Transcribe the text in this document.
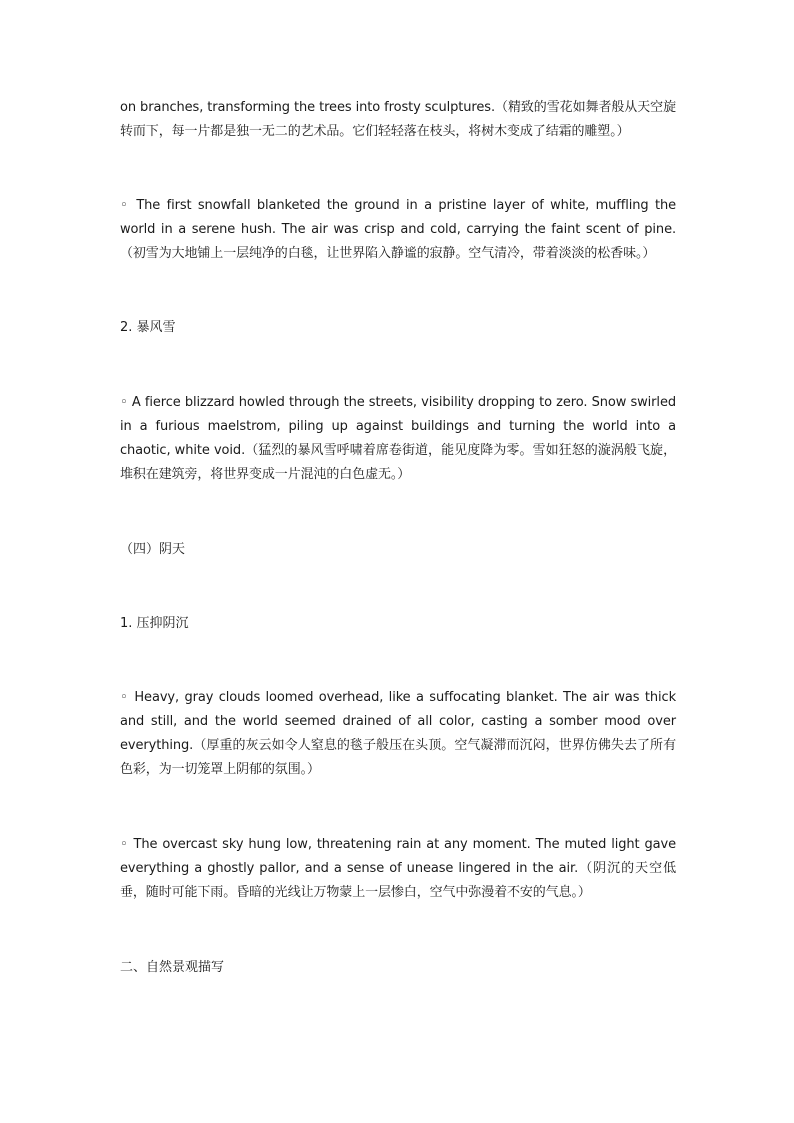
on branches, transforming the trees into frosty sculptures.（精致的雪花如舞者般从天空旋转而下，每一片都是独一无二的艺术品。它们轻轻落在枝头，将树木变成了结霜的雕塑。）

◦ The first snowfall blanketed the ground in a pristine layer of white, muffling the world in a serene hush. The air was crisp and cold, carrying the faint scent of pine.（初雪为大地铺上一层纯净的白毯，让世界陷入静谧的寂静。空气清冷，带着淡淡的松香味。）

2. 暴风雪

◦ A fierce blizzard howled through the streets, visibility dropping to zero. Snow swirled in a furious maelstrom, piling up against buildings and turning the world into a chaotic, white void.（猛烈的暴风雪呼啸着席卷街道，能见度降为零。雪如狂怒的漩涡般飞旋，堆积在建筑旁，将世界变成一片混沌的白色虚无。）

（四）阴天

1. 压抑阴沉

◦ Heavy, gray clouds loomed overhead, like a suffocating blanket. The air was thick and still, and the world seemed drained of all color, casting a somber mood over everything.（厚重的灰云如令人窒息的毯子般压在头顶。空气凝滞而沉闷，世界仿佛失去了所有色彩，为一切笼罩上阴郁的氛围。）

◦ The overcast sky hung low, threatening rain at any moment. The muted light gave everything a ghostly pallor, and a sense of unease lingered in the air.（阴沉的天空低垂，随时可能下雨。昏暗的光线让万物蒙上一层惨白，空气中弥漫着不安的气息。）

二、自然景观描写
